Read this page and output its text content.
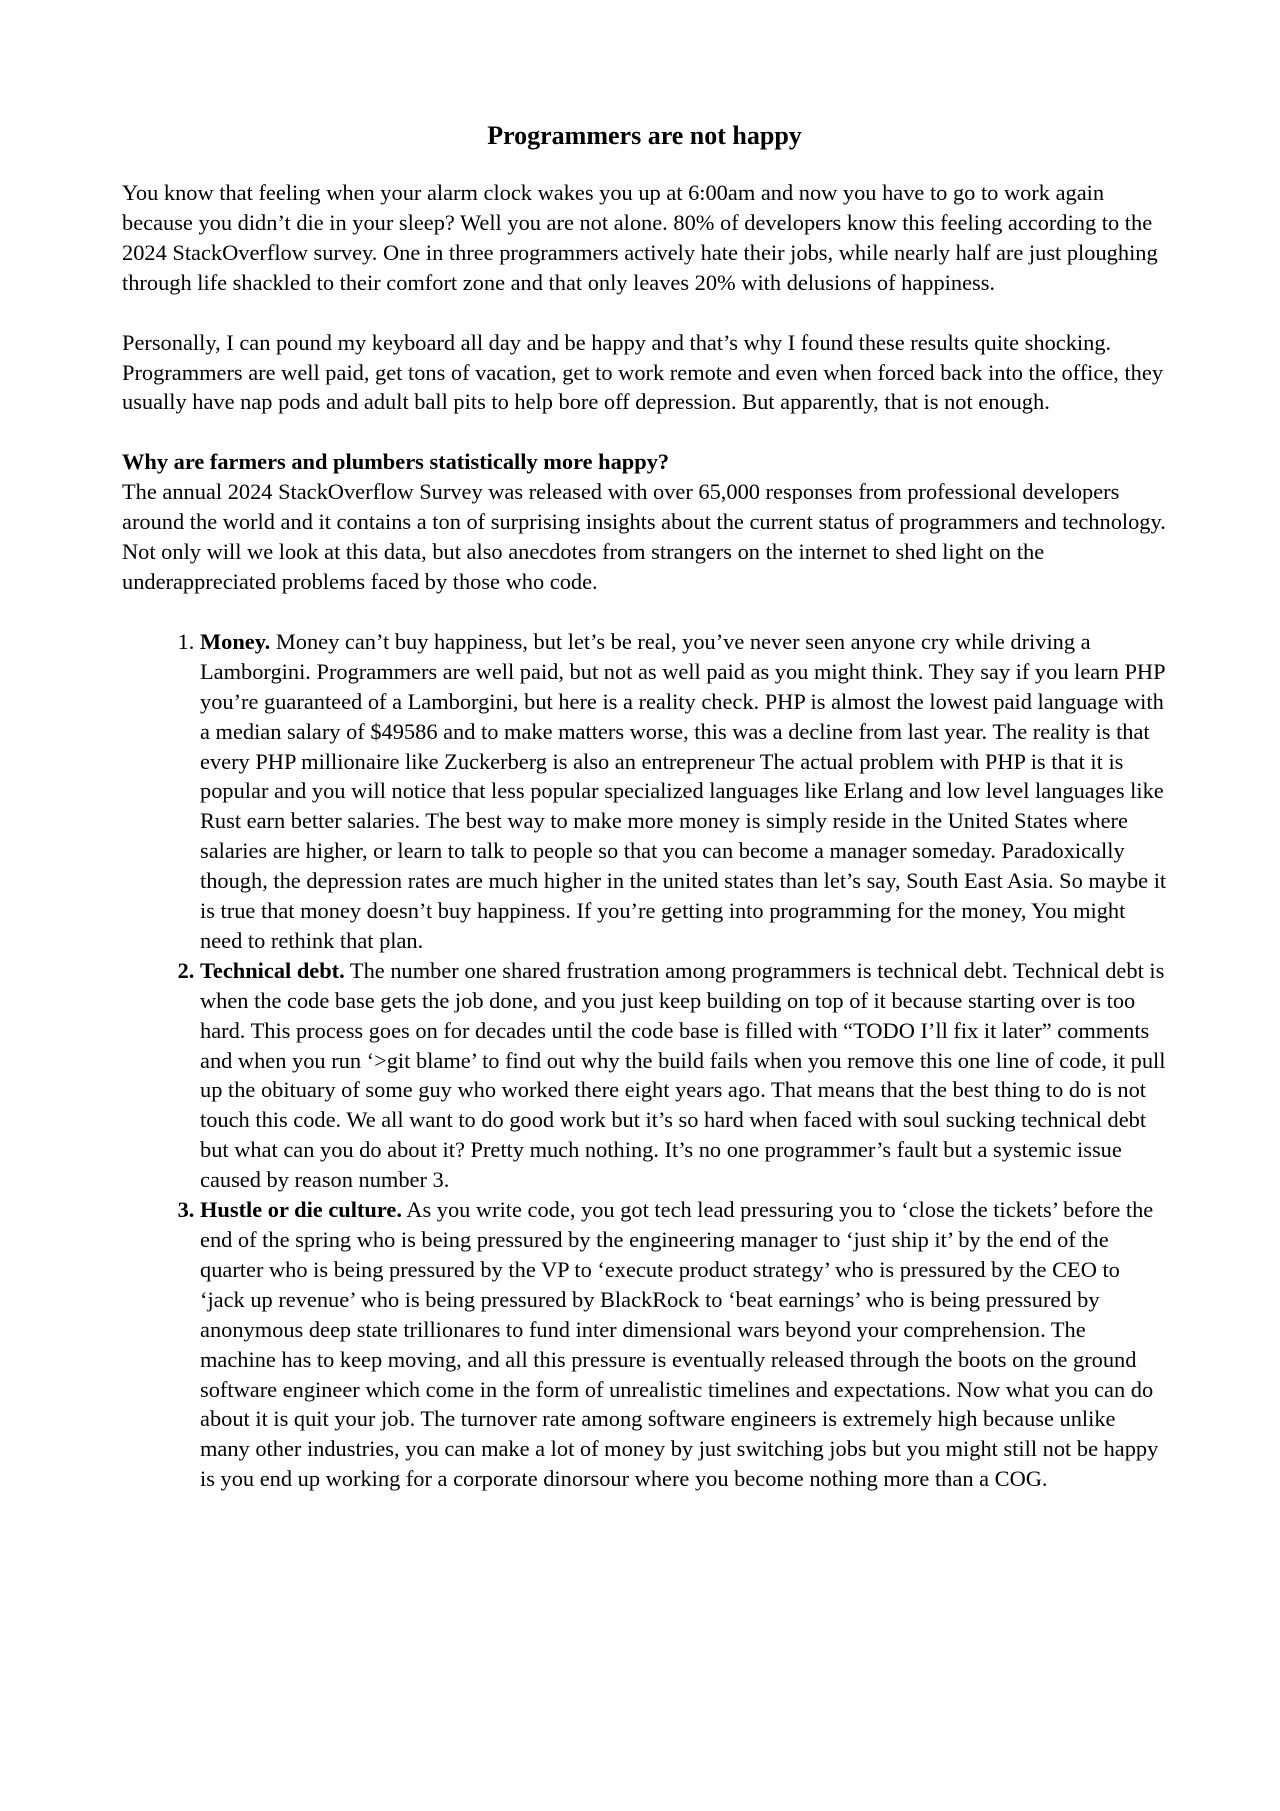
Programmers are not happy

You know that feeling when your alarm clock wakes you up at 6:00am and now you have to go to work again because you didn’t die in your sleep? Well you are not alone. 80% of developers know this feeling according to the 2024 StackOverflow survey. One in three programmers actively hate their jobs, while nearly half are just ploughing through life shackled to their comfort zone and that only leaves 20% with delusions of happiness.

Personally, I can pound my keyboard all day and be happy and that’s why I found these results quite shocking. Programmers are well paid, get tons of vacation, get to work remote and even when forced back into the office, they usually have nap pods and adult ball pits to help bore off depression. But apparently, that is not enough.

Why are farmers and plumbers statistically more happy?

The annual 2024 StackOverflow Survey was released with over 65,000 responses from professional developers around the world and it contains a ton of surprising insights about the current status of programmers and technology. Not only will we look at this data, but also anecdotes from strangers on the internet to shed light on the underappreciated problems faced by those who code.

1. Money. Money can’t buy happiness, but let’s be real, you’ve never seen anyone cry while driving a Lamborgini. Programmers are well paid, but not as well paid as you might think. They say if you learn PHP you’re guaranteed of a Lamborgini, but here is a reality check. PHP is almost the lowest paid language with a median salary of $49586 and to make matters worse, this was a decline from last year. The reality is that every PHP millionaire like Zuckerberg is also an entrepreneur The actual problem with PHP is that it is popular and you will notice that less popular specialized languages like Erlang and low level languages like Rust earn better salaries. The best way to make more money is simply reside in the United States where salaries are higher, or learn to talk to people so that you can become a manager someday. Paradoxically though, the depression rates are much higher in the united states than let’s say, South East Asia. So maybe it is true that money doesn’t buy happiness. If you’re getting into programming for the money, You might need to rethink that plan.
2. Technical debt. The number one shared frustration among programmers is technical debt. Technical debt is when the code base gets the job done, and you just keep building on top of it because starting over is too hard. This process goes on for decades until the code base is filled with “TODO I’ll fix it later” comments and when you run ‘>git blame’ to find out why the build fails when you remove this one line of code, it pull up the obituary of some guy who worked there eight years ago. That means that the best thing to do is not touch this code. We all want to do good work but it’s so hard when faced with soul sucking technical debt but what can you do about it? Pretty much nothing. It’s no one programmer’s fault but a systemic issue caused by reason number 3.
3. Hustle or die culture. As you write code, you got tech lead pressuring you to ‘close the tickets’ before the end of the spring who is being pressured by the engineering manager to ‘just ship it’ by the end of the quarter who is being pressured by the VP to ‘execute product strategy’ who is pressured by the CEO to ‘jack up revenue’ who is being pressured by BlackRock to ‘beat earnings’ who is being pressured by anonymous deep state trillionares to fund inter dimensional wars beyond your comprehension. The machine has to keep moving, and all this pressure is eventually released through the boots on the ground software engineer which come in the form of unrealistic timelines and expectations. Now what you can do about it is quit your job. The turnover rate among software engineers is extremely high because unlike many other industries, you can make a lot of money by just switching jobs but you might still not be happy is you end up working for a corporate dinorsour where you become nothing more than a COG.
